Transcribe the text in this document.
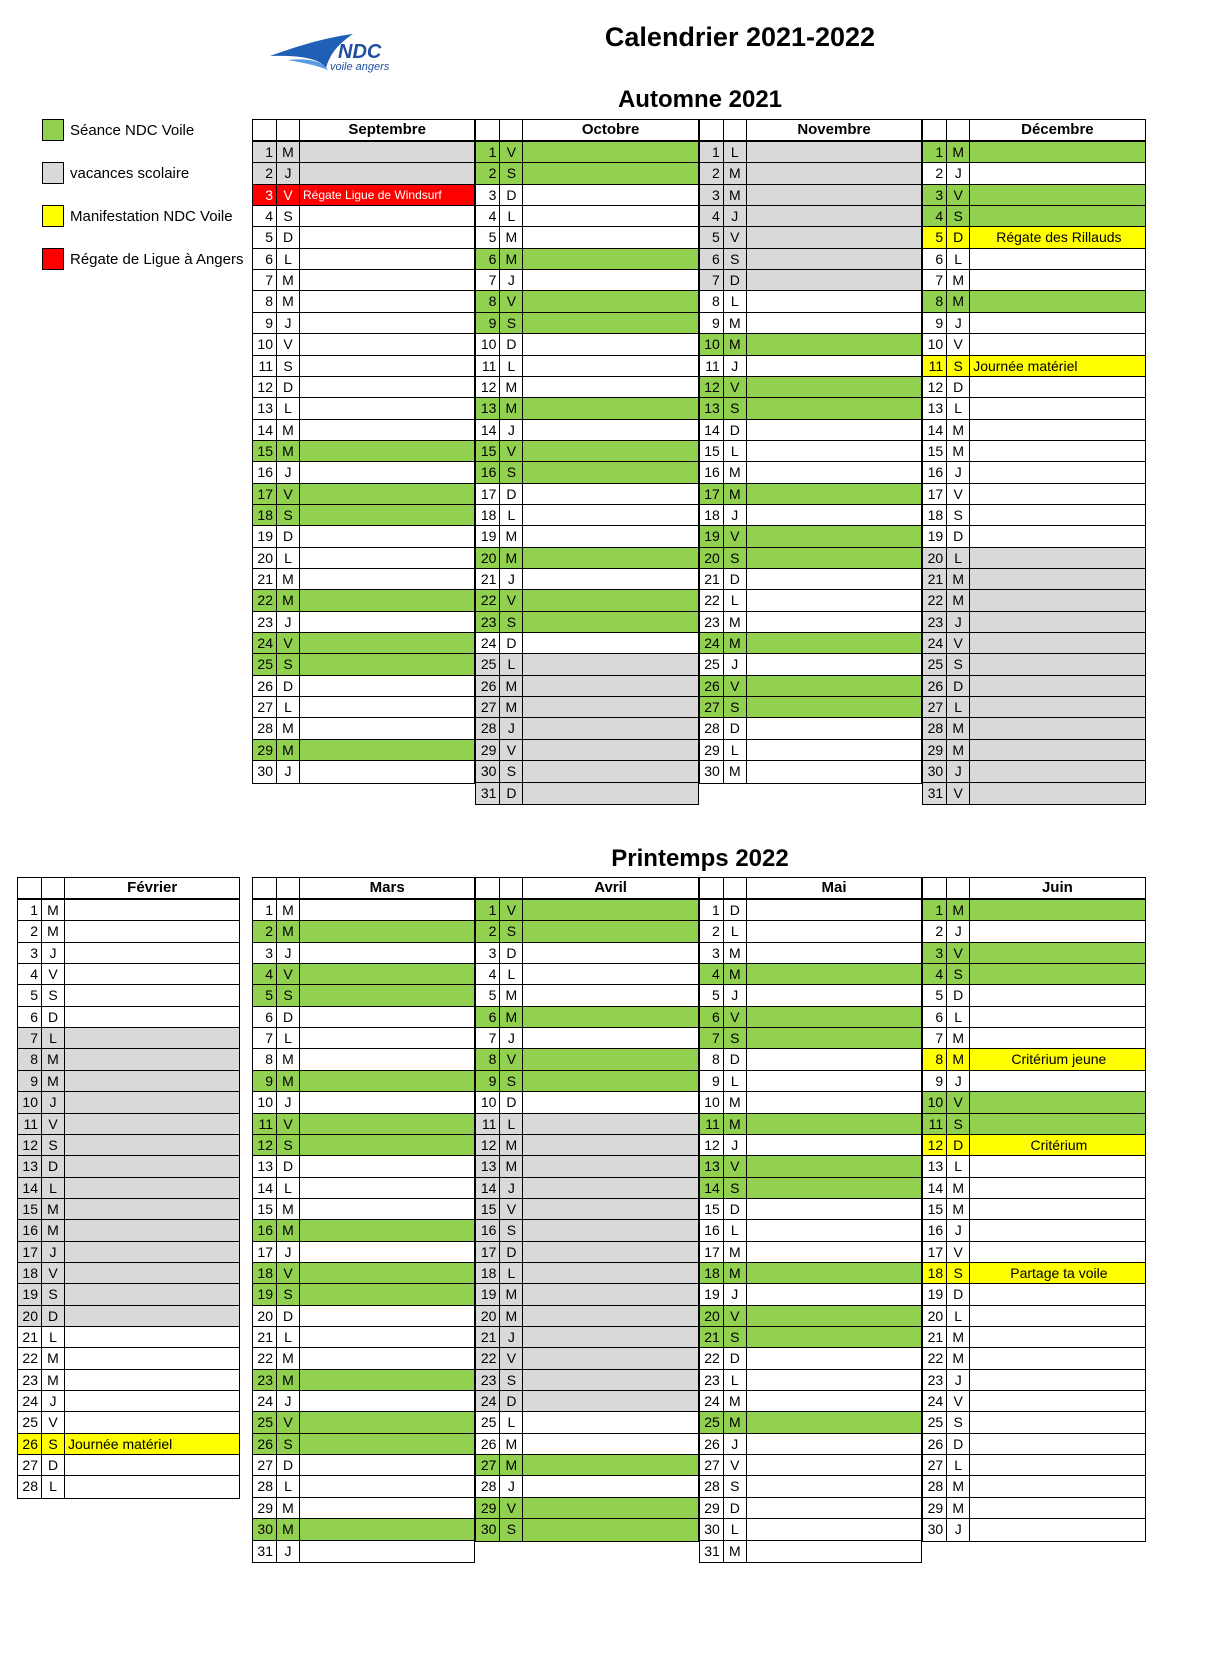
Calendrier 2021-2022
NDC
voile angers
Séance NDC Voile
vacances scolaire
Manifestation NDC Voile
Régate de Ligue à Angers
Automne 2021
Printemps 2022
Septembre
1 M
2 J
3 V Régate Ligue de Windsurf
4 S
5 D
6 L
7 M
8 M
9 J
10 V
11 S
12 D
13 L
14 M
15 M
16 J
17 V
18 S
19 D
20 L
21 M
22 M
23 J
24 V
25 S
26 D
27 L
28 M
29 M
30 J
Octobre
1 V
2 S
3 D
4 L
5 M
6 M
7 J
8 V
9 S
10 D
11 L
12 M
13 M
14 J
15 V
16 S
17 D
18 L
19 M
20 M
21 J
22 V
23 S
24 D
25 L
26 M
27 M
28 J
29 V
30 S
31 D
Novembre
1 L
2 M
3 M
4 J
5 V
6 S
7 D
8 L
9 M
10 M
11 J
12 V
13 S
14 D
15 L
16 M
17 M
18 J
19 V
20 S
21 D
22 L
23 M
24 M
25 J
26 V
27 S
28 D
29 L
30 M
Décembre
1 M
2 J
3 V
4 S
5 D	Régate des Rillauds
6 L
7 M
8 M
9 J
10 V
11 S Journée matériel
12 D
13 L
14 M
15 M
16 J
17 V
18 S
19 D
20 L
21 M
22 M
23 J
24 V
25 S
26 D
27 L
28 M
29 M
30 J
31 V
Février
1 M
2 M
3 J
4 V
5 S
6 D
7 L
8 M
9 M
10 J
11 V
12 S
13 D
14 L
15 M
16 M
17 J
18 V
19 S
20 D
21 L
22 M
23 M
24 J
25 V
26 S Journée matériel
27 D
28 L
Mars
1 M
2 M
3 J
4 V
5 S
6 D
7 L
8 M
9 M
10 J
11 V
12 S
13 D
14 L
15 M
16 M
17 J
18 V
19 S
20 D
21 L
22 M
23 M
24 J
25 V
26 S
27 D
28 L
29 M
30 M
31 J
Avril
1 V
2 S
3 D
4 L
5 M
6 M
7 J
8 V
9 S
10 D
11 L
12 M
13 M
14 J
15 V
16 S
17 D
18 L
19 M
20 M
21 J
22 V
23 S
24 D
25 L
26 M
27 M
28 J
29 V
30 S
Mai
1 D
2 L
3 M
4 M
5 J
6 V
7 S
8 D
9 L
10 M
11 M
12 J
13 V
14 S
15 D
16 L
17 M
18 M
19 J
20 V
21 S
22 D
23 L
24 M
25 M
26 J
27 V
28 S
29 D
30 L
31 M
Juin
1 M
2 J
3 V
4 S
5 D
6 L
7 M
8 M	Critérium jeune
9 J
10 V
11 S
12 D	Critérium
13 L
14 M
15 M
16 J
17 V
18 S	Partage ta voile
19 D
20 L
21 M
22 M
23 J
24 V
25 S
26 D
27 L
28 M
29 M
30 J
